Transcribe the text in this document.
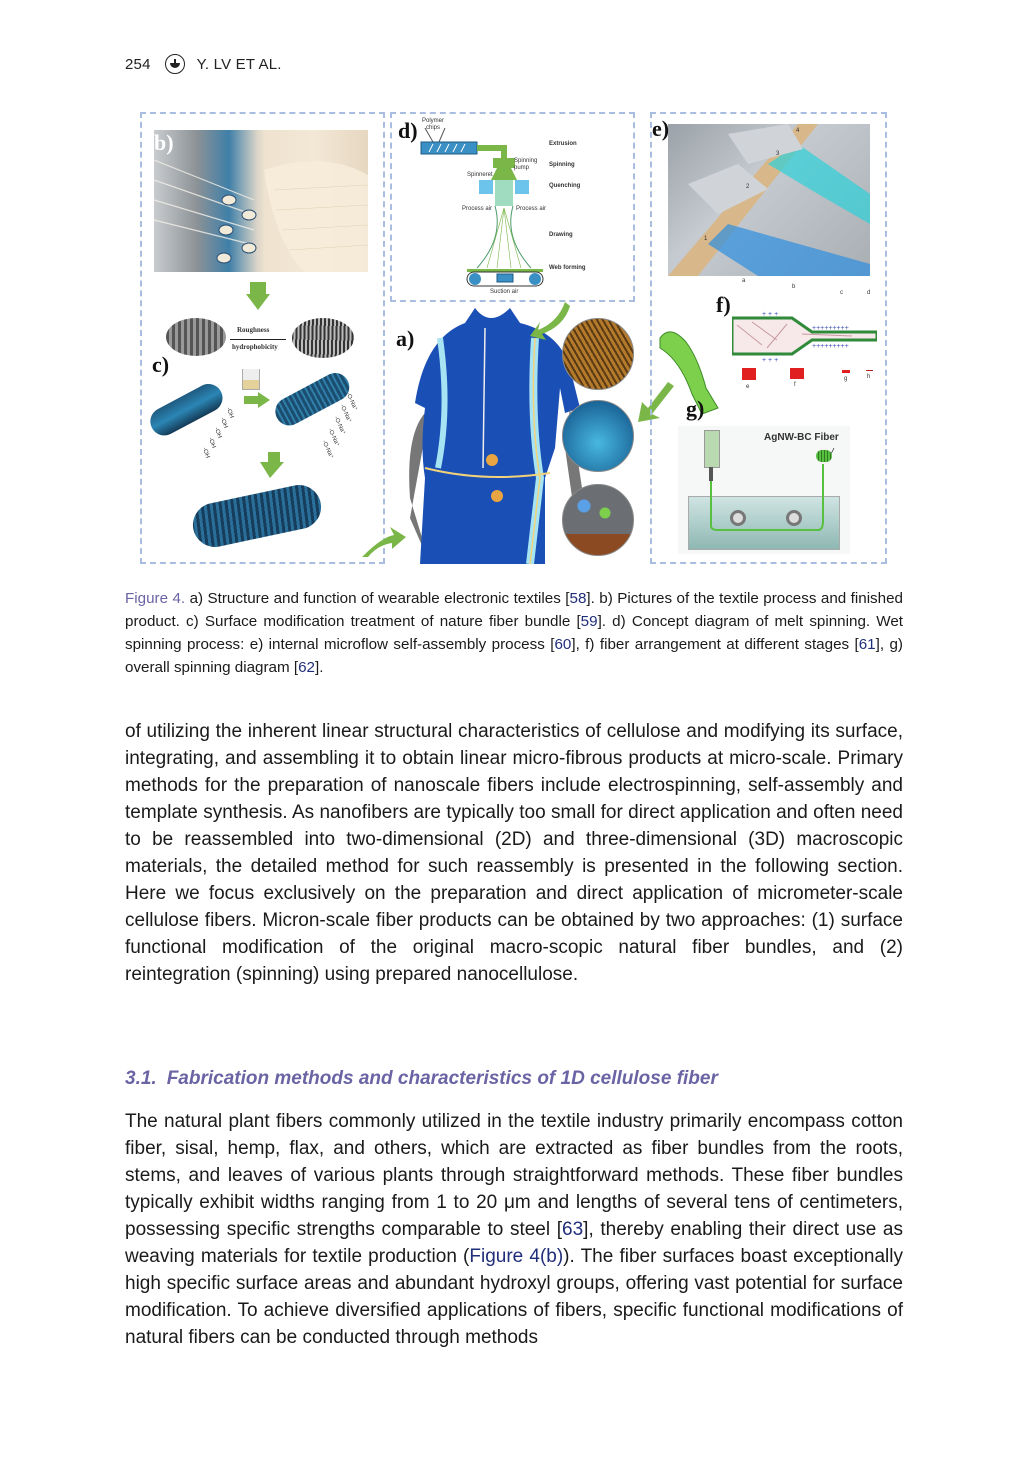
254	Y. LV ET AL.
b)
Roughness
hydrophobicity
-OH
-OH
-OH
-OH
-OH
-O-Na⁺
-O-Na⁺
-O-Na⁺
-O-Na⁺
-O-Na⁺
c)
d) Polymer chips
Spinning pump
Spinneret
Process air	Process air
Suction air
Extrusion
Spinning
Quenching
Drawing
Web forming
a)
1
2
3
4
e)
+ + +
+ + +
+++++++++
+++++++++
f)
a
b
c	d
e	f
g	h
g)
AgNW-BC Fiber
Figure 4. a) Structure and function of wearable electronic textiles [58]. b) Pictures of the textile process and finished product. c) Surface modification treatment of nature fiber bundle [59]. d) Concept diagram of melt spinning. Wet spinning process: e) internal microflow self-assembly process [60], f) fiber arrangement at different stages [61], g) overall spinning diagram [62].

of utilizing the inherent linear structural characteristics of cellulose and modifying its surface, integrating, and assembling it to obtain linear micro-fibrous products at micro-scale. Primary methods for the preparation of nanoscale fibers include electrospinning, self-assembly and template synthesis. As nanofibers are typically too small for direct application and often need to be reassembled into two-dimensional (2D) and three-dimensional (3D) macroscopic materials, the detailed method for such reassembly is presented in the following section. Here we focus exclusively on the preparation and direct application of micrometer-scale cellulose fibers. Micron-scale fiber products can be obtained by two approaches: (1) surface functional modification of the original macro-scopic natural fiber bundles, and (2) reintegration (spinning) using prepared nanocellulose.

3.1. Fabrication methods and characteristics of 1D cellulose fiber

The natural plant fibers commonly utilized in the textile industry primarily encompass cotton fiber, sisal, hemp, flax, and others, which are extracted as fiber bundles from the roots, stems, and leaves of various plants through straightforward methods. These fiber bundles typically exhibit widths ranging from 1 to 20 μm and lengths of several tens of centimeters, possessing specific strengths comparable to steel [63], thereby enabling their direct use as weaving materials for textile production (Figure 4(b)). The fiber surfaces boast exceptionally high specific surface areas and abundant hydroxyl groups, offering vast potential for surface modification. To achieve diversified applications of fibers, specific functional modifications of natural fibers can be conducted through methods
